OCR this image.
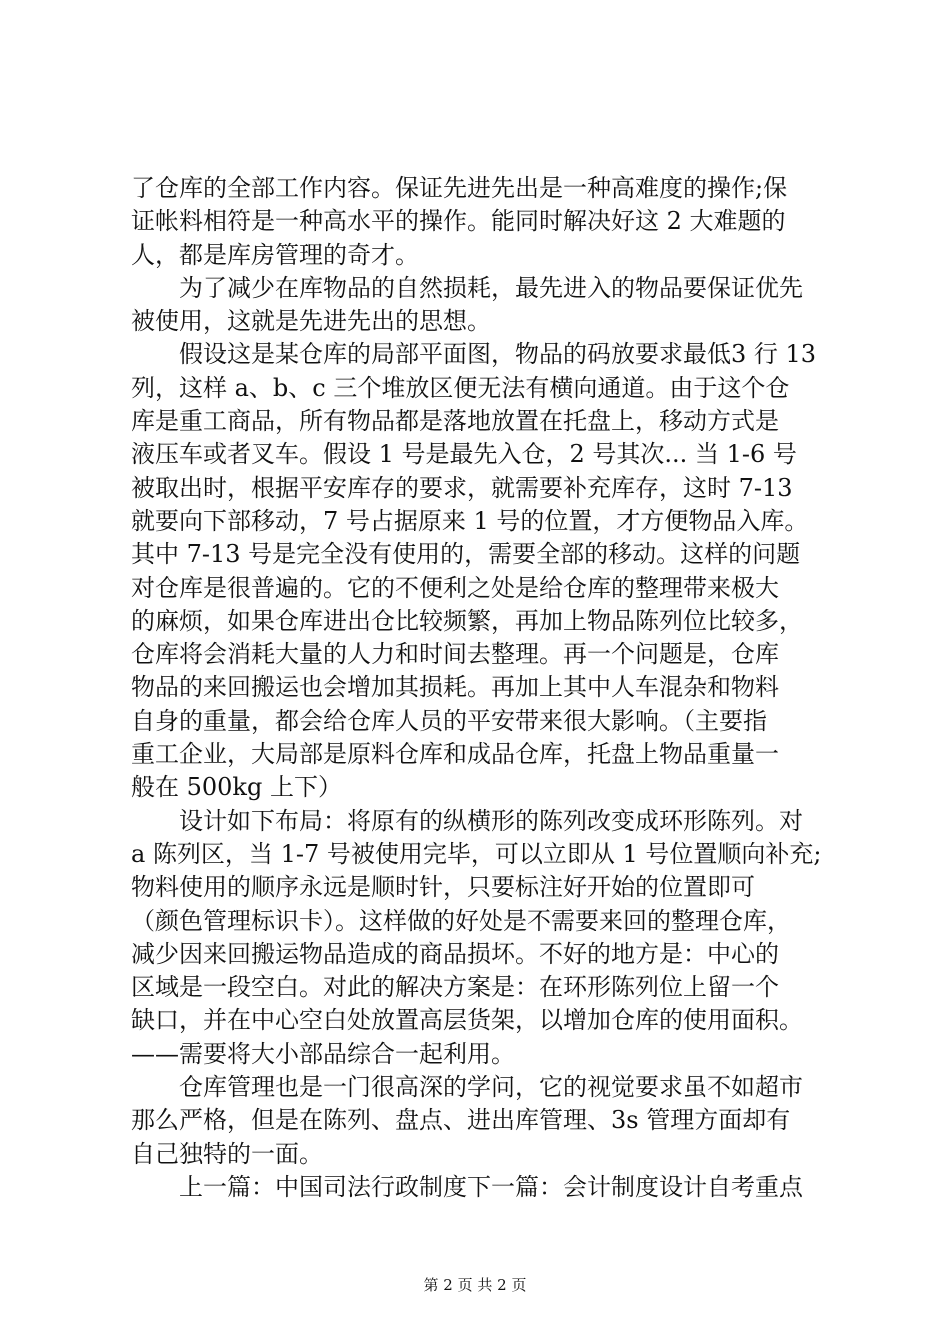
了仓库的全部工作内容。保证先进先出是一种高难度的操作;保
证帐料相符是一种高水平的操作。能同时解决好这 2 大难题的
人，都是库房管理的奇才。

　　为了减少在库物品的自然损耗，最先进入的物品要保证优先
被使用，这就是先进先出的思想。

　　假设这是某仓库的局部平面图，物品的码放要求最低3 行 13
列，这样 a、b、c 三个堆放区便无法有横向通道。由于这个仓
库是重工商品，所有物品都是落地放置在托盘上，移动方式是
液压车或者叉车。假设 1 号是最先入仓，2 号其次... 当 1-6 号
被取出时，根据平安库存的要求，就需要补充库存，这时 7-13
就要向下部移动，7 号占据原来 1 号的位置，才方便物品入库。
其中 7-13 号是完全没有使用的，需要全部的移动。这样的问题
对仓库是很普遍的。它的不便利之处是给仓库的整理带来极大
的麻烦，如果仓库进出仓比较频繁，再加上物品陈列位比较多，
仓库将会消耗大量的人力和时间去整理。再一个问题是，仓库
物品的来回搬运也会增加其损耗。再加上其中人车混杂和物料
自身的重量，都会给仓库人员的平安带来很大影响。（主要指
重工企业，大局部是原料仓库和成品仓库，托盘上物品重量一
般在 500kg 上下）

　　设计如下布局：将原有的纵横形的陈列改变成环形陈列。对
a 陈列区，当 1-7 号被使用完毕，可以立即从 1 号位置顺向补充;
物料使用的顺序永远是顺时针，只要标注好开始的位置即可
（颜色管理标识卡）。这样做的好处是不需要来回的整理仓库，
减少因来回搬运物品造成的商品损坏。不好的地方是：中心的
区域是一段空白。对此的解决方案是：在环形陈列位上留一个
缺口，并在中心空白处放置高层货架，以增加仓库的使用面积。
——需要将大小部品综合一起利用。

　　仓库管理也是一门很高深的学问，它的视觉要求虽不如超市
那么严格，但是在陈列、盘点、进出库管理、3s 管理方面却有
自己独特的一面。

　　上一篇：中国司法行政制度下一篇：会计制度设计自考重点

第 2 页 共 2 页
